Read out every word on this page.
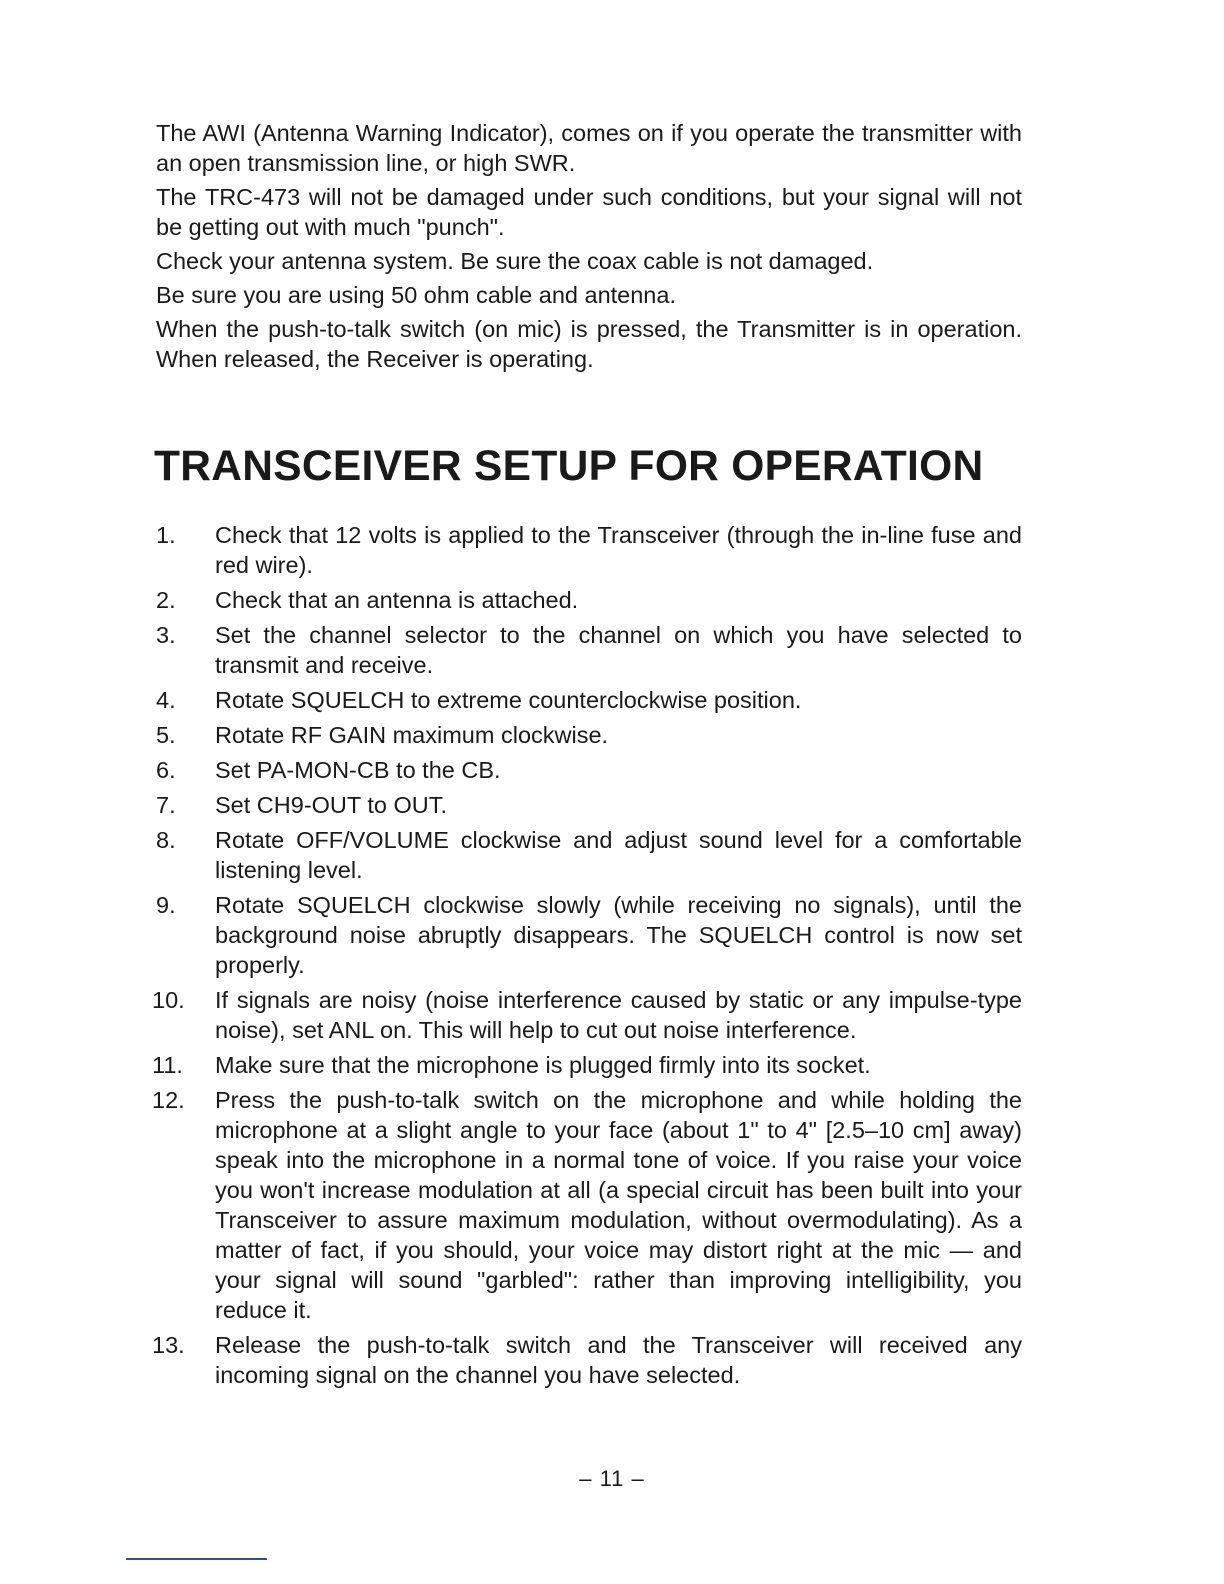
The AWI (Antenna Warning Indicator), comes on if you operate the transmitter with an open transmission line, or high SWR.

The TRC-473 will not be damaged under such conditions, but your signal will not be getting out with much "punch".

Check your antenna system. Be sure the coax cable is not damaged.

Be sure you are using 50 ohm cable and antenna.

When the push-to-talk switch (on mic) is pressed, the Transmitter is in operation. When released, the Receiver is operating.

TRANSCEIVER SETUP FOR OPERATION
1.	Check that 12 volts is applied to the Transceiver (through the in-line fuse and red wire).
2.	Check that an antenna is attached.
3.	Set the channel selector to the channel on which you have selected to transmit and receive.
4.	Rotate SQUELCH to extreme counterclockwise position.
5.	Rotate RF GAIN maximum clockwise.
6.	Set PA-MON-CB to the CB.
7.	Set CH9-OUT to OUT.
8.	Rotate OFF/VOLUME clockwise and adjust sound level for a comfortable listening level.
9.	Rotate SQUELCH clockwise slowly (while receiving no signals), until the background noise abruptly disappears. The SQUELCH control is now set properly.
10. If signals are noisy (noise interference caused by static or any impulse-type noise), set ANL on. This will help to cut out noise interference.
11. Make sure that the microphone is plugged firmly into its socket.
12. Press the push-to-talk switch on the microphone and while holding the microphone at a slight angle to your face (about 1" to 4" [2.5–10 cm] away) speak into the microphone in a normal tone of voice. If you raise your voice you won't increase modulation at all (a special circuit has been built into your Transceiver to assure maximum modulation, without overmodulating). As a matter of fact, if you should, your voice may distort right at the mic — and your signal will sound "garbled": rather than improving intelligibility, you reduce it.
13. Release the push-to-talk switch and the Transceiver will received any incoming signal on the channel you have selected.
– 11 –
